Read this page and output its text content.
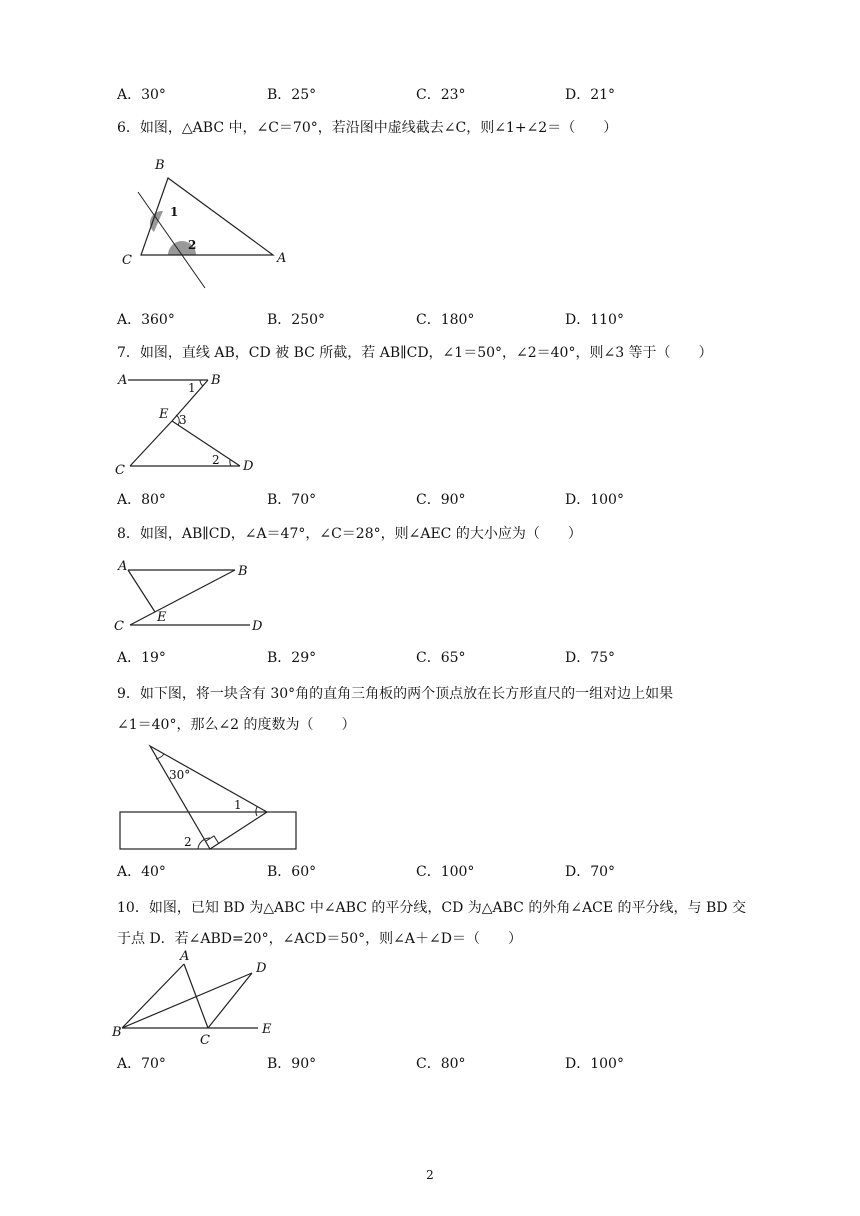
A．30°	B．25°	C．23°	D．21°
6．如图，△ABC 中，∠C＝70°，若沿图中虚线截去∠C，则∠1+∠2＝（　　）
B
C	A
1
2
A．360°	B．250°	C．180°	D．110°
7．如图，直线 AB，CD 被 BC 所截，若 AB∥CD，∠1＝50°，∠2＝40°，则∠3 等于（　　）
A	B
E
C	D
1
3
2
A．80°	B．70°	C．90°	D．100°
8．如图，AB∥CD，∠A＝47°，∠C＝28°，则∠AEC 的大小应为（　　）
A	B
C	D
E
A．19°	B．29°	C．65°	D．75°
9．如下图，将一块含有 30°角的直角三角板的两个顶点放在长方形直尺的一组对边上如果
∠1＝40°，那么∠2 的度数为（　　）
30°
1
2
A．40°	B．60°	C．100°	D．70°
10．如图，已知 BD 为△ABC 中∠ABC 的平分线，CD 为△ABC 的外角∠ACE 的平分线，与 BD 交
于点 D．若∠ABD=20°，∠ACD＝50°，则∠A＋∠D＝（　　）
A
B
C
D
E
A．70°	B．90°	C．80°	D．100°
2
